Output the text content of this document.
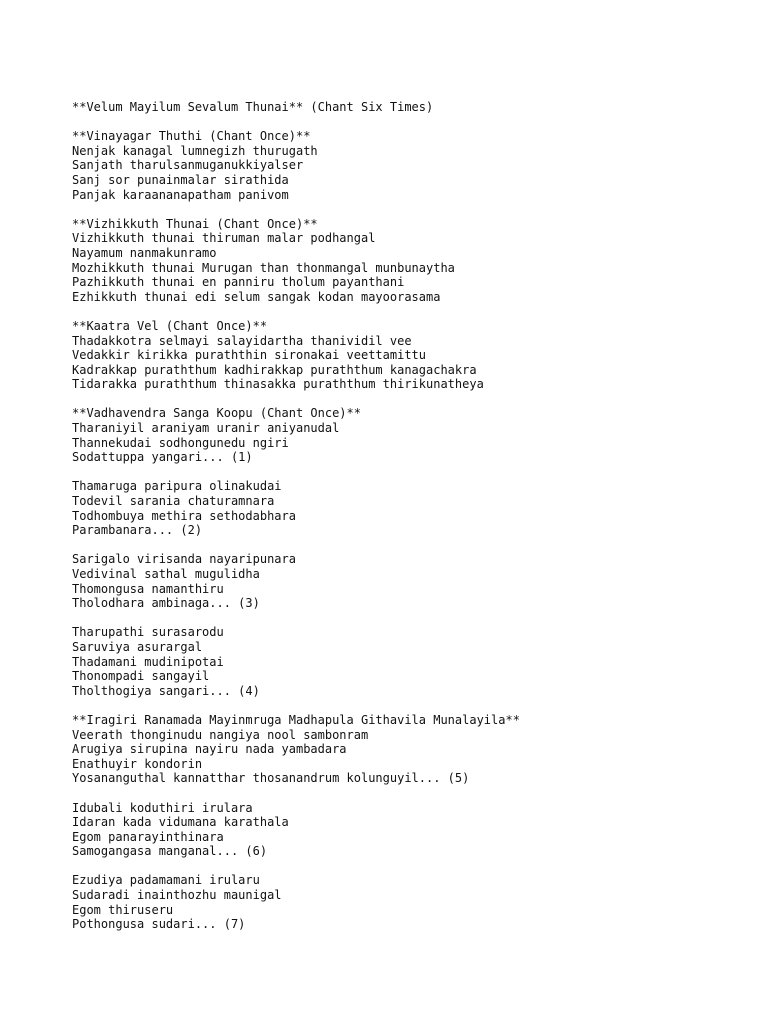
**Velum Mayilum Sevalum Thunai** (Chant Six Times)
**Vinayagar Thuthi (Chant Once)**
Nenjak kanagal lumnegizh thurugath
Sanjath tharulsanmuganukkiyalser
Sanj sor punainmalar sirathida
Panjak karaananapatham panivom
**Vizhikkuth Thunai (Chant Once)**
Vizhikkuth thunai thiruman malar podhangal
Nayamum nanmakunramo
Mozhikkuth thunai Murugan than thonmangal munbunaytha
Pazhikkuth thunai en panniru tholum payanthani
Ezhikkuth thunai edi selum sangak kodan mayoorasama
**Kaatra Vel (Chant Once)**
Thadakkotra selmayi salayidartha thanividil vee
Vedakkir kirikka puraththin sironakai veettamittu
Kadrakkap puraththum kadhirakkap puraththum kanagachakra
Tidarakka puraththum thinasakka puraththum thirikunatheya
**Vadhavendra Sanga Koopu (Chant Once)**
Tharaniyil araniyam uranir aniyanudal
Thannekudai sodhongunedu ngiri
Sodattuppa yangari... (1)
Thamaruga paripura olinakudai
Todevil sarania chaturamnara
Todhombuya methira sethodabhara
Parambanara... (2)
Sarigalo virisanda nayaripunara
Vedivinal sathal mugulidha
Thomongusa namanthiru
Tholodhara ambinaga... (3)
Tharupathi surasarodu
Saruviya asurargal
Thadamani mudinipotai
Thonompadi sangayil
Tholthogiya sangari... (4)
**Iragiri Ranamada Mayinmruga Madhapula Githavila Munalayila**
Veerath thonginudu nangiya nool sambonram
Arugiya sirupina nayiru nada yambadara
Enathuyir kondorin
Yosananguthal kannatthar thosanandrum kolunguyil... (5)
Idubali koduthiri irulara
Idaran kada vidumana karathala
Egom panarayinthinara
Samogangasa manganal... (6)
Ezudiya padamamani irularu
Sudaradi inainthozhu maunigal
Egom thiruseru
Pothongusa sudari... (7)
